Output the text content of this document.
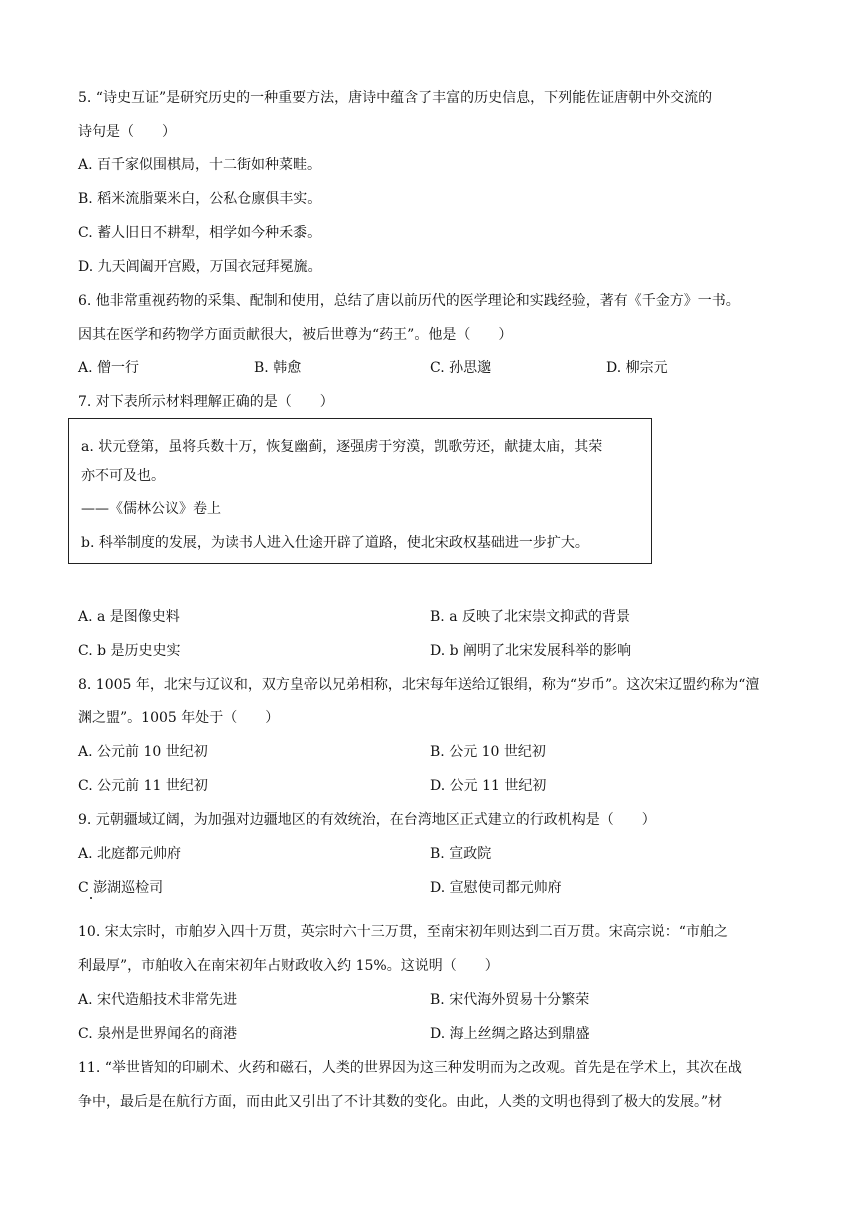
5. “诗史互证”是研究历史的一种重要方法，唐诗中蕴含了丰富的历史信息，下列能佐证唐朝中外交流的
诗句是（　　）
A. 百千家似围棋局，十二街如种菜畦。
B. 稻米流脂粟米白，公私仓廪俱丰实。
C. 蓄人旧日不耕犁，相学如今种禾黍。
D. 九天阊阖开宫殿，万国衣冠拜冕旒。
6. 他非常重视药物的采集、配制和使用，总结了唐以前历代的医学理论和实践经验，著有《千金方》一书。
因其在医学和药物学方面贡献很大，被后世尊为“药王”。他是（　　）
A. 僧一行	B. 韩愈	C. 孙思邈	D. 柳宗元
7. 对下表所示材料理解正确的是（　　）
a. 状元登第，虽将兵数十万，恢复幽蓟，逐强虏于穷漠，凯歌劳还，献捷太庙，其荣
亦不可及也。
——《儒林公议》卷上
b. 科举制度的发展，为读书人进入仕途开辟了道路，使北宋政权基础进一步扩大。
A. a 是图像史料	B. a 反映了北宋崇文抑武的背景
C. b 是历史史实	D. b 阐明了北宋发展科举的影响
8. 1005 年，北宋与辽议和，双方皇帝以兄弟相称，北宋每年送给辽银绢，称为“岁币”。这次宋辽盟约称为“澶
渊之盟”。1005 年处于（　　）
A. 公元前 10 世纪初	B. 公元 10 世纪初
C. 公元前 11 世纪初	D. 公元 11 世纪初
9. 元朝疆域辽阔，为加强对边疆地区的有效统治，在台湾地区正式建立的行政机构是（　　）
A. 北庭都元帅府	B. 宣政院
C 澎湖巡检司	D. 宣慰使司都元帅府
10. 宋太宗时，市舶岁入四十万贯，英宗时六十三万贯，至南宋初年则达到二百万贯。宋高宗说：“市舶之
利最厚”，市舶收入在南宋初年占财政收入约 15%。这说明（　　）
A. 宋代造船技术非常先进	B. 宋代海外贸易十分繁荣
C. 泉州是世界闻名的商港	D. 海上丝绸之路达到鼎盛
11. “举世皆知的印刷术、火药和磁石，人类的世界因为这三种发明而为之改观。首先是在学术上，其次在战
争中，最后是在航行方面，而由此又引出了不计其数的变化。由此，人类的文明也得到了极大的发展。”材
